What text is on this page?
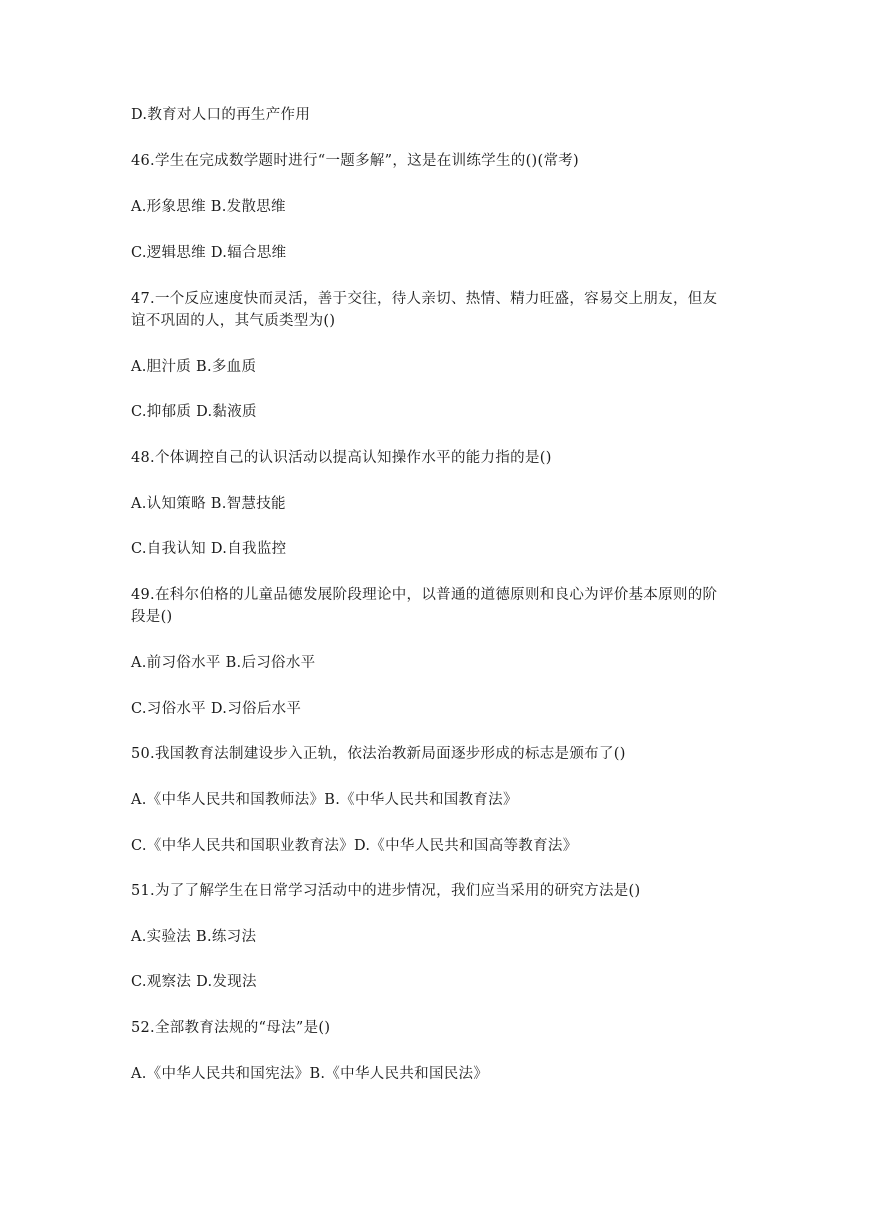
D.教育对人口的再生产作用
46.学生在完成数学题时进行“一题多解”，这是在训练学生的()(常考)
A.形象思维 B.发散思维
C.逻辑思维 D.辐合思维
47.一个反应速度快而灵活，善于交往，待人亲切、热情、精力旺盛，容易交上朋友，但友
谊不巩固的人，其气质类型为()
A.胆汁质 B.多血质
C.抑郁质 D.黏液质
48.个体调控自己的认识活动以提高认知操作水平的能力指的是()
A.认知策略 B.智慧技能
C.自我认知 D.自我监控
49.在科尔伯格的儿童品德发展阶段理论中，以普通的道德原则和良心为评价基本原则的阶
段是()
A.前习俗水平 B.后习俗水平
C.习俗水平 D.习俗后水平
50.我国教育法制建设步入正轨，依法治教新局面逐步形成的标志是颁布了()
A.《中华人民共和国教师法》B.《中华人民共和国教育法》
C.《中华人民共和国职业教育法》D.《中华人民共和国高等教育法》
51.为了了解学生在日常学习活动中的进步情况，我们应当采用的研究方法是()
A.实验法 B.练习法
C.观察法 D.发现法
52.全部教育法规的“母法”是()
A.《中华人民共和国宪法》B.《中华人民共和国民法》
